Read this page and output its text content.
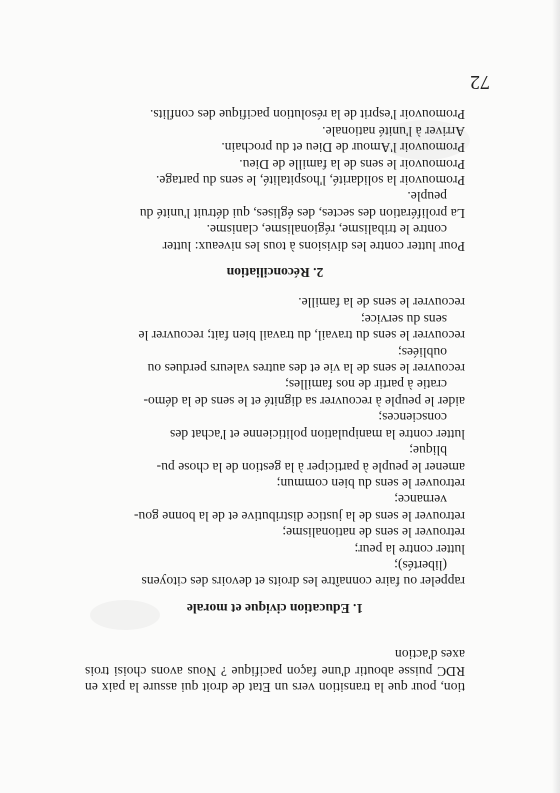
tion, pour que la transition vers un Etat de droit qui assure la paix en RDC puisse aboutir d'une façon pacifique ? Nous avons choisi trois axes d'action

1. Education civique et morale

rappeler ou faire connaître les droits et devoirs des citoyens

(libertés);

lutter contre la peur;

retrouver le sens de nationalisme;

retrouver le sens de la justice distributive et de la bonne gou-

vernance;

retrouver le sens du bien commun;

amener le peuple à participer à la gestion de la chose pu-

blique;

lutter contre la manipulation politicienne et l'achat des

consciences;

aider le peuple à recouvrer sa dignité et le sens de la démo-

cratie à partir de nos familles;

recouvrer le sens de la vie et des autres valeurs perdues ou

oubliées;

recouvrer le sens du travail, du travail bien fait; recouvrer le

sens du service;

recouvrer le sens de la famille.

2. Réconciliation

Pour lutter contre les divisions à tous les niveaux: lutter

contre le tribalisme, régionalisme, clanisme.

La prolifération des sectes, des églises, qui détruit l'unité du

peuple.

Promouvoir la solidarité, l'hospitalité, le sens du partage.

Promouvoir le sens de la famille de Dieu.

Promouvoir l'Amour de Dieu et du prochain.

Arriver à l'unité nationale.

Promouvoir l'esprit de la résolution pacifique des conflits.

72
